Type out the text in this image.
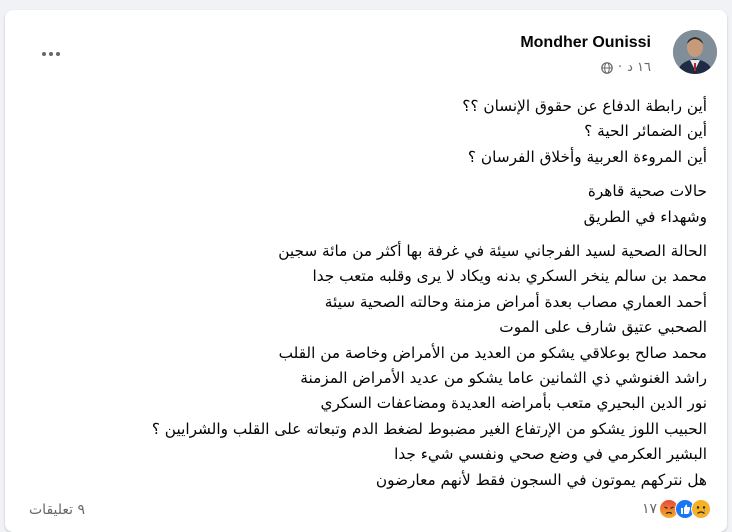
Mondher Ounissi
· ١٦ د
أين رابطة الدفاع عن حقوق الإنسان ؟؟
أين الضمائر الحية ؟
أين المروءة العربية وأخلاق الفرسان ؟
حالات صحية قاهرة
وشهداء في الطريق
الحالة الصحية لسيد الفرجاني سيئة في غرفة بها أكثر من مائة سجين
محمد بن سالم ينخر السكري بدنه ويكاد لا يرى وقلبه متعب جدا
أحمد العماري مصاب بعدة أمراض مزمنة وحالته الصحية سيئة
الصحبي عتيق شارف على الموت
محمد صالح بوعلاقي يشكو من العديد من الأمراض وخاصة من القلب
راشد الغنوشي ذي الثمانين عاما يشكو من عديد الأمراض المزمنة
نور الدين البحيري متعب بأمراضه العديدة ومضاعفات السكري
الحبيب اللوز يشكو من الإرتفاع الغير مضبوط لضغط الدم وتبعاته على القلب والشرايين ؟
البشير العكرمي في وضع صحي ونفسي شيء جدا
هل نتركهم يموتون في السجون فقط لأنهم معارضون
٩ تعليقات	١٧
